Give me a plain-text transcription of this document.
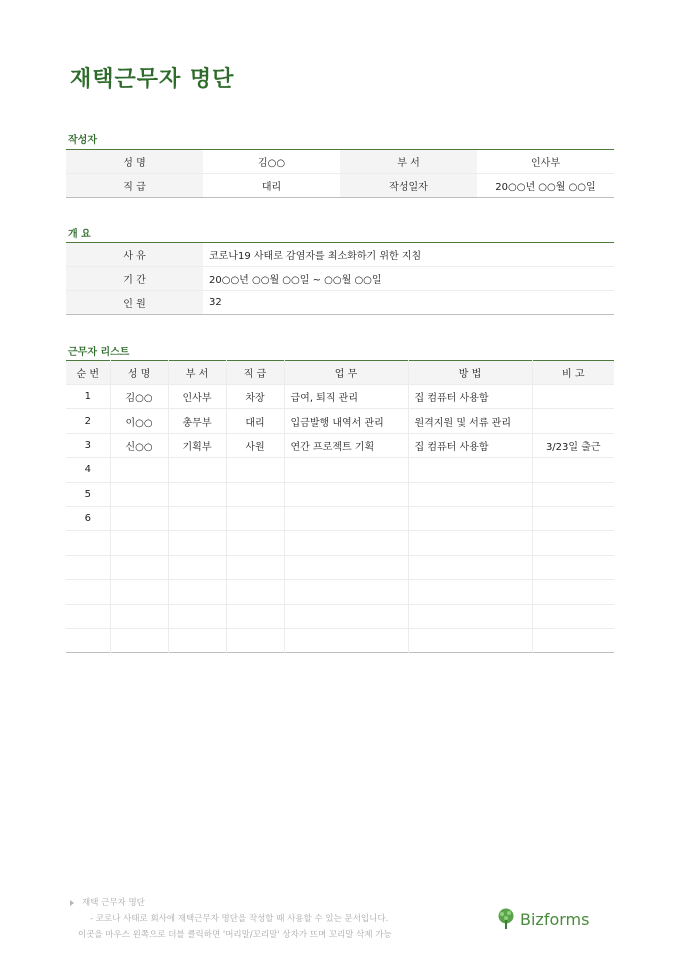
재택근무자 명단
작성자
성 명	김○○	부 서	인사부
직 급	대리	작성일자	20○○년 ○○월 ○○일
개 요
사 유	코로나19 사태로 감염자를 최소화하기 위한 지침
기 간	20○○년 ○○월 ○○일 ~ ○○월 ○○일
인 원	32
근무자 리스트
순 번	성 명	부 서	직 급	업 무	방 법	비 고
1	김○○	인사부	차장	급여, 퇴직 관리	집 컴퓨터 사용함	
2	이○○	총무부	대리	입금발행 내역서 관리	원격지원 및 서류 관리	
3	신○○	기획부	사원	연간 프로젝트 기획	집 컴퓨터 사용함	3/23일 출근
4						
5						
6						

재택 근무자 명단
- 코로나 사태로 회사에 재택근무자 명단을 작성할 때 사용할 수 있는 문서입니다.
이곳을 마우스 왼쪽으로 더블 클릭하면 '머리말/꼬리말' 상자가 뜨며 꼬리말 삭제 가능
Bizforms
